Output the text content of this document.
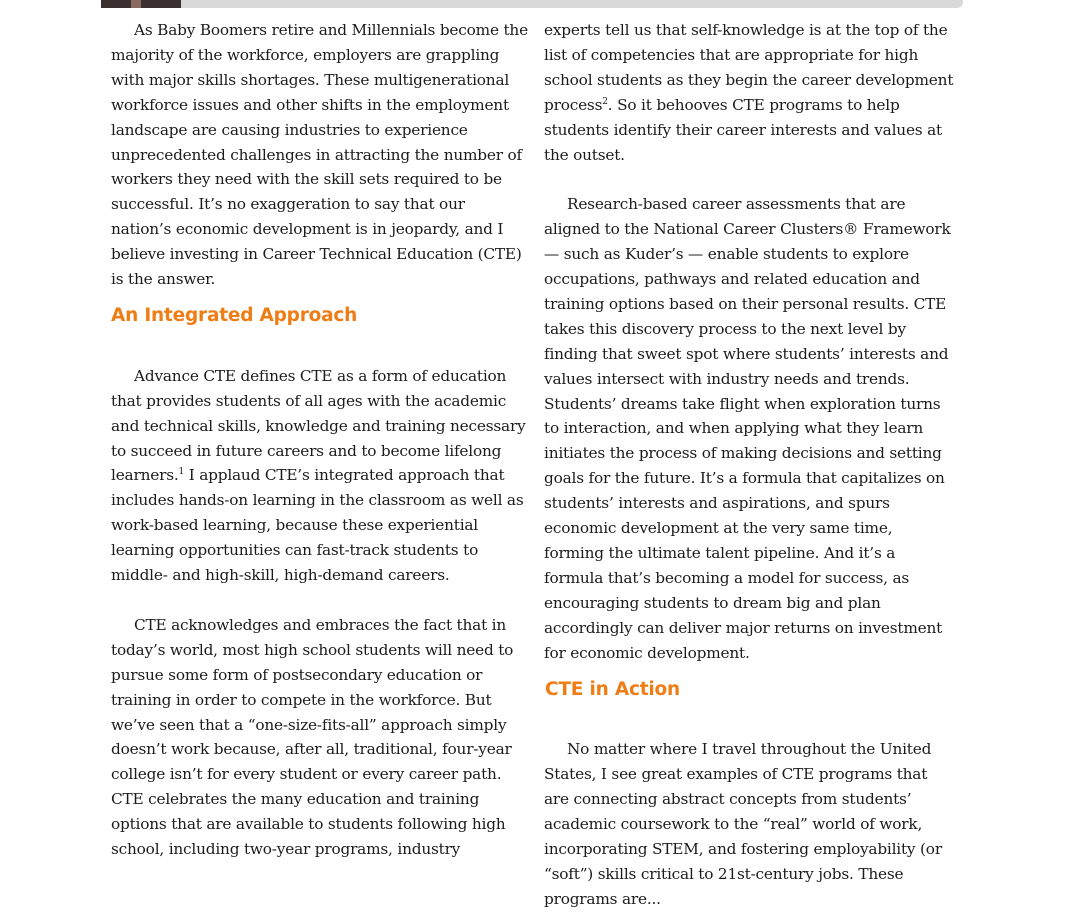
As Baby Boomers retire and Millennials become the majority of the workforce, employers are grappling with major skills shortages. These multigenerational workforce issues and other shifts in the employment landscape are causing industries to experience unprecedented challenges in attracting the number of workers they need with the skill sets required to be successful. It’s no exaggeration to say that our nation’s economic development is in jeopardy, and I believe investing in Career Technical Education (CTE) is the answer.

An Integrated Approach

Advance CTE defines CTE as a form of education that provides students of all ages with the academic and technical skills, knowledge and training necessary to succeed in future careers and to become lifelong learners.$^1$ I applaud CTE’s integrated approach that includes hands-on learning in the classroom as well as work-based learning, because these experiential learning opportunities can fast-track students to middle- and high-skill, high-demand careers.

CTE acknowledges and embraces the fact that in today’s world, most high school students will need to pursue some form of postsecondary education or training in order to compete in the workforce. But we’ve seen that a “one-size-fits-all” approach simply doesn’t work because, after all, traditional, four-year college isn’t for every student or every career path. CTE celebrates the many education and training options that are available to students following high school, including two-year programs, industry

experts tell us that self-knowledge is at the top of the list of competencies that are appropriate for high school students as they begin the career development process$^2$. So it behooves CTE programs to help students identify their career interests and values at the outset.

Research-based career assessments that are aligned to the National Career Clusters® Framework — such as Kuder’s — enable students to explore occupations, pathways and related education and training options based on their personal results. CTE takes this discovery process to the next level by finding that sweet spot where students’ interests and values intersect with industry needs and trends. Students’ dreams take flight when exploration turns to interaction, and when applying what they learn initiates the process of making decisions and setting goals for the future. It’s a formula that capitalizes on students’ interests and aspirations, and spurs economic development at the very same time, forming the ultimate talent pipeline. And it’s a formula that’s becoming a model for success, as encouraging students to dream big and plan accordingly can deliver major returns on investment for economic development.

CTE in Action

No matter where I travel throughout the United States, I see great examples of CTE programs that are connecting abstract concepts from students’ academic coursework to the “real” world of work, incorporating STEM, and fostering employability (or “soft”) skills critical to 21st-century jobs. These programs are...
